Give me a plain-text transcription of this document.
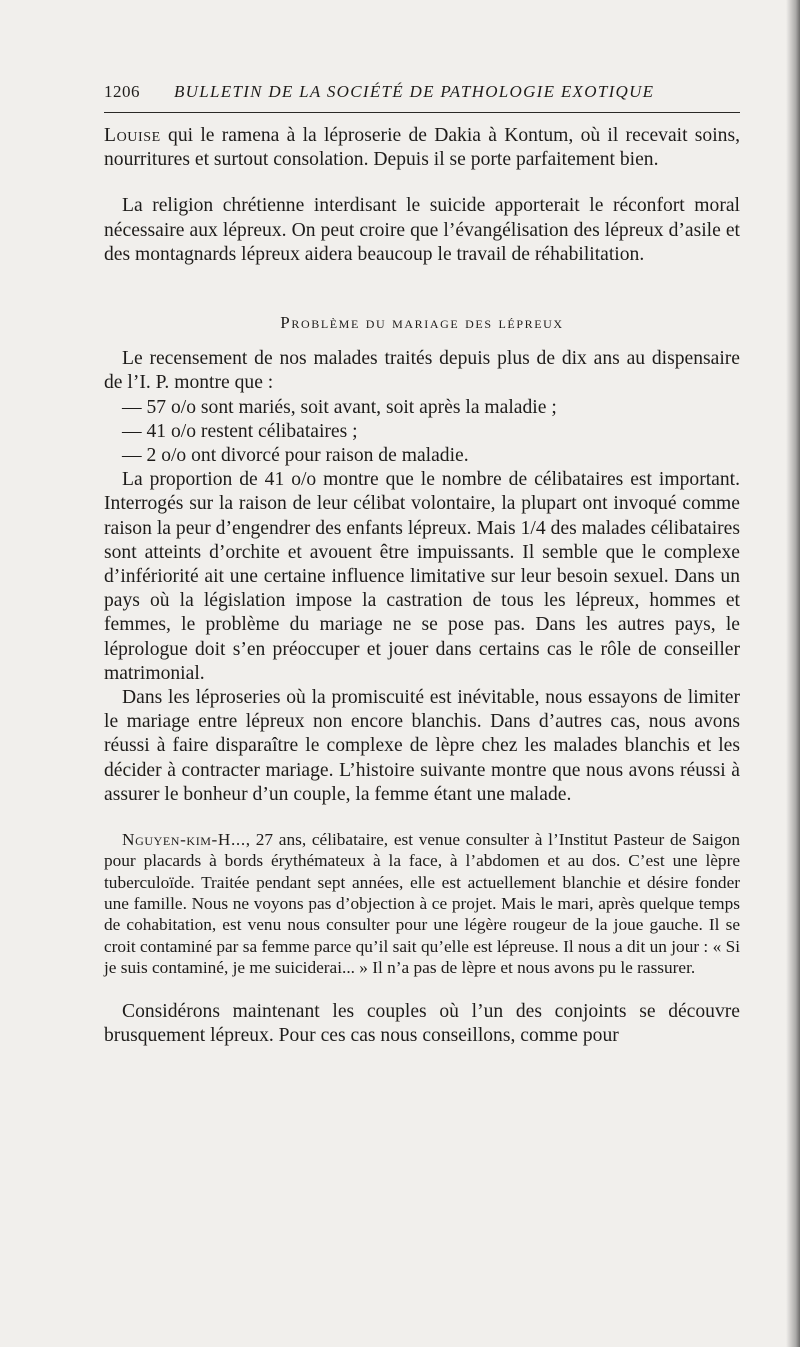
1206 BULLETIN DE LA SOCIÉTÉ DE PATHOLOGIE EXOTIQUE

Louise qui le ramena à la léproserie de Dakia à Kontum, où il recevait soins, nourritures et surtout consolation. Depuis il se porte parfaitement bien.

La religion chrétienne interdisant le suicide apporterait le réconfort moral nécessaire aux lépreux. On peut croire que l’évangélisation des lépreux d’asile et des montagnards lépreux aidera beaucoup le travail de réhabilitation.

Problème du mariage des lépreux

Le recensement de nos malades traités depuis plus de dix ans au dispensaire de l’I. P. montre que :

— 57 o/o sont mariés, soit avant, soit après la maladie ;

— 41 o/o restent célibataires ;

— 2 o/o ont divorcé pour raison de maladie.

La proportion de 41 o/o montre que le nombre de célibataires est important. Interrogés sur la raison de leur célibat volontaire, la plupart ont invoqué comme raison la peur d’engendrer des enfants lépreux. Mais 1/4 des malades célibataires sont atteints d’orchite et avouent être impuissants. Il semble que le complexe d’infériorité ait une certaine influence limitative sur leur besoin sexuel. Dans un pays où la législation impose la castration de tous les lépreux, hommes et femmes, le problème du mariage ne se pose pas. Dans les autres pays, le léprologue doit s’en préoccuper et jouer dans certains cas le rôle de conseiller matrimonial.

Dans les léproseries où la promiscuité est inévitable, nous essayons de limiter le mariage entre lépreux non encore blanchis. Dans d’autres cas, nous avons réussi à faire disparaître le complexe de lèpre chez les malades blanchis et les décider à contracter mariage. L’histoire suivante montre que nous avons réussi à assurer le bonheur d’un couple, la femme étant une malade.

Nguyen-kim-H..., 27 ans, célibataire, est venue consulter à l’Institut Pasteur de Saigon pour placards à bords érythémateux à la face, à l’abdomen et au dos. C’est une lèpre tuberculoïde. Traitée pendant sept années, elle est actuellement blanchie et désire fonder une famille. Nous ne voyons pas d’objection à ce projet. Mais le mari, après quelque temps de cohabitation, est venu nous consulter pour une légère rougeur de la joue gauche. Il se croit contaminé par sa femme parce qu’il sait qu’elle est lépreuse. Il nous a dit un jour : « Si je suis contaminé, je me suiciderai... » Il n’a pas de lèpre et nous avons pu le rassurer.

Considérons maintenant les couples où l’un des conjoints se découvre brusquement lépreux. Pour ces cas nous conseillons, comme pour
